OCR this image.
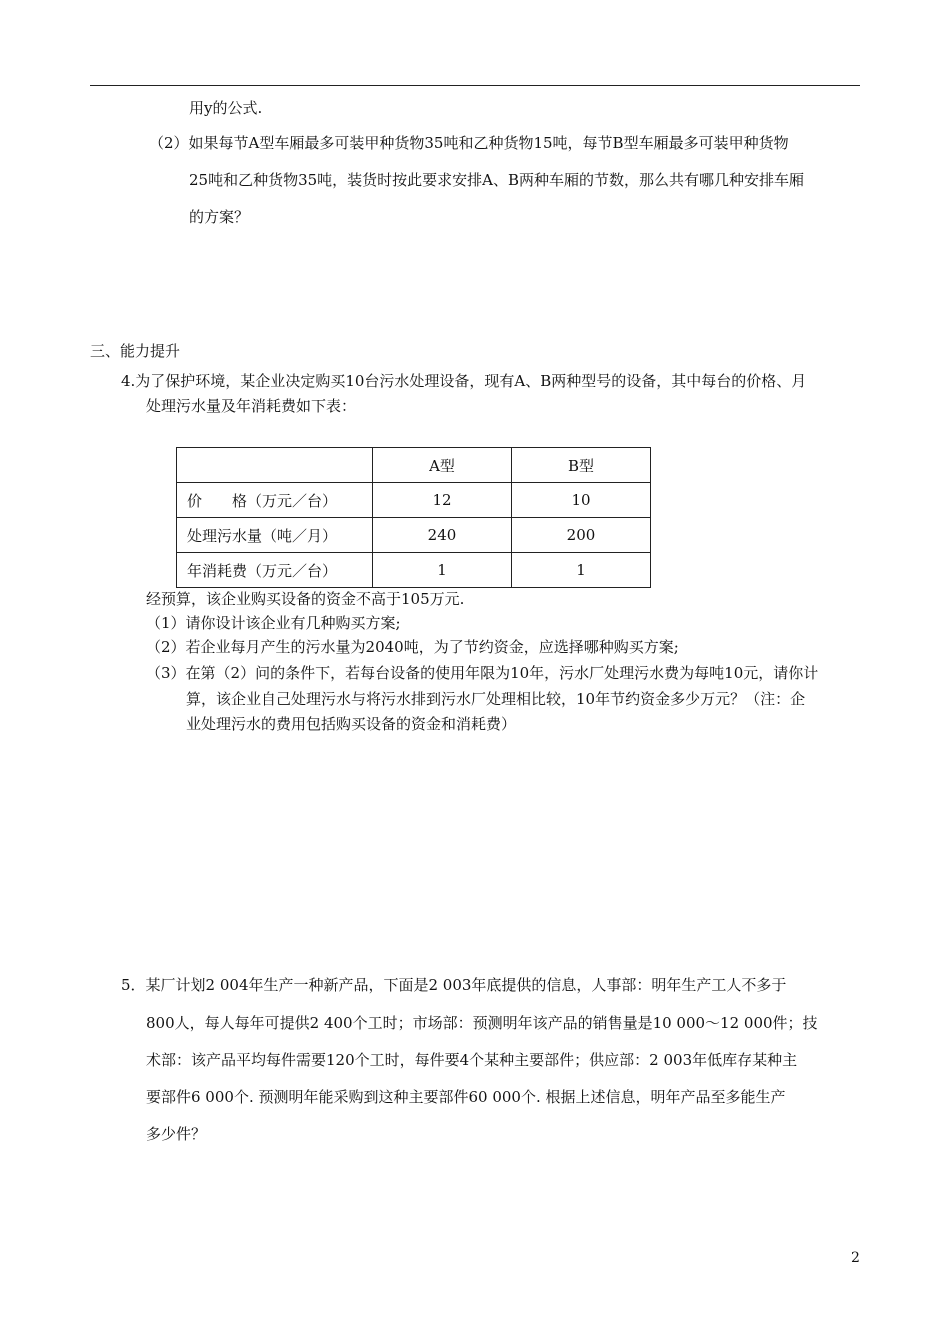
用y的公式.
（2）如果每节A型车厢最多可装甲种货物35吨和乙种货物15吨，每节B型车厢最多可装甲种货物
25吨和乙种货物35吨，装货时按此要求安排A、B两种车厢的节数，那么共有哪几种安排车厢
的方案？
三、能力提升
4.为了保护环境，某企业决定购买10台污水处理设备，现有A、B两种型号的设备，其中每台的价格、月
处理污水量及年消耗费如下表：
	A型	B型
价　　格（万元／台）	12	10
处理污水量（吨／月）	240	200
年消耗费（万元／台）	1	1
经预算，该企业购买设备的资金不高于105万元.
（1）请你设计该企业有几种购买方案;
（2）若企业每月产生的污水量为2040吨，为了节约资金，应选择哪种购买方案;
（3）在第（2）问的条件下，若每台设备的使用年限为10年，污水厂处理污水费为每吨10元，请你计
算，该企业自己处理污水与将污水排到污水厂处理相比较，10年节约资金多少万元？（注：企
业处理污水的费用包括购买设备的资金和消耗费）
5．某厂计划2 004年生产一种新产品，下面是2 003年底提供的信息，人事部：明年生产工人不多于
800人，每人每年可提供2 400个工时；市场部：预测明年该产品的销售量是10 000～12 000件；技
术部：该产品平均每件需要120个工时，每件要4个某种主要部件；供应部：2 003年低库存某种主
要部件6 000个. 预测明年能采购到这种主要部件60 000个. 根据上述信息，明年产品至多能生产
多少件？
2
